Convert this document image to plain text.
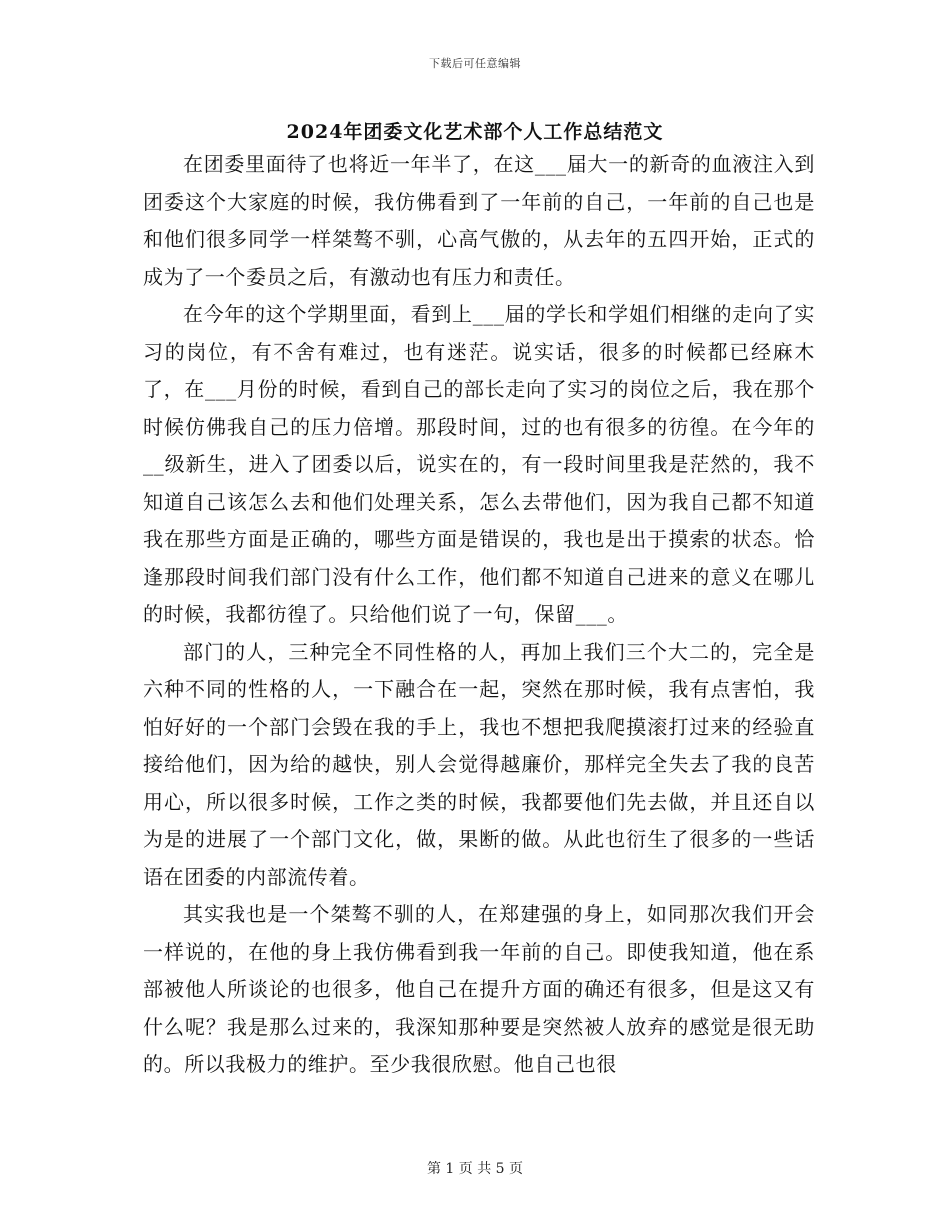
下载后可任意编辑
2024年团委文化艺术部个人工作总结范文

在团委里面待了也将近一年半了，在这___届大一的新奇的血液注入到团委这个大家庭的时候，我仿佛看到了一年前的自己，一年前的自己也是和他们很多同学一样桀骜不驯，心高气傲的，从去年的五四开始，正式的成为了一个委员之后，有激动也有压力和责任。

在今年的这个学期里面，看到上___届的学长和学姐们相继的走向了实习的岗位，有不舍有难过，也有迷茫。说实话，很多的时候都已经麻木了，在___月份的时候，看到自己的部长走向了实习的岗位之后，我在那个时候仿佛我自己的压力倍增。那段时间，过的也有很多的彷徨。在今年的__级新生，进入了团委以后，说实在的，有一段时间里我是茫然的，我不知道自己该怎么去和他们处理关系，怎么去带他们，因为我自己都不知道我在那些方面是正确的，哪些方面是错误的，我也是出于摸索的状态。恰逢那段时间我们部门没有什么工作，他们都不知道自己进来的意义在哪儿的时候，我都彷徨了。只给他们说了一句，保留___。

部门的人，三种完全不同性格的人，再加上我们三个大二的，完全是六种不同的性格的人，一下融合在一起，突然在那时候，我有点害怕，我怕好好的一个部门会毁在我的手上，我也不想把我爬摸滚打过来的经验直接给他们，因为给的越快，别人会觉得越廉价，那样完全失去了我的良苦用心，所以很多时候，工作之类的时候，我都要他们先去做，并且还自以为是的进展了一个部门文化，做，果断的做。从此也衍生了很多的一些话语在团委的内部流传着。

其实我也是一个桀骜不驯的人，在郑建强的身上，如同那次我们开会一样说的，在他的身上我仿佛看到我一年前的自己。即使我知道，他在系部被他人所谈论的也很多，他自己在提升方面的确还有很多，但是这又有什么呢？我是那么过来的，我深知那种要是突然被人放弃的感觉是很无助的。所以我极力的维护。至少我很欣慰。他自己也很

第 1 页 共 5 页
